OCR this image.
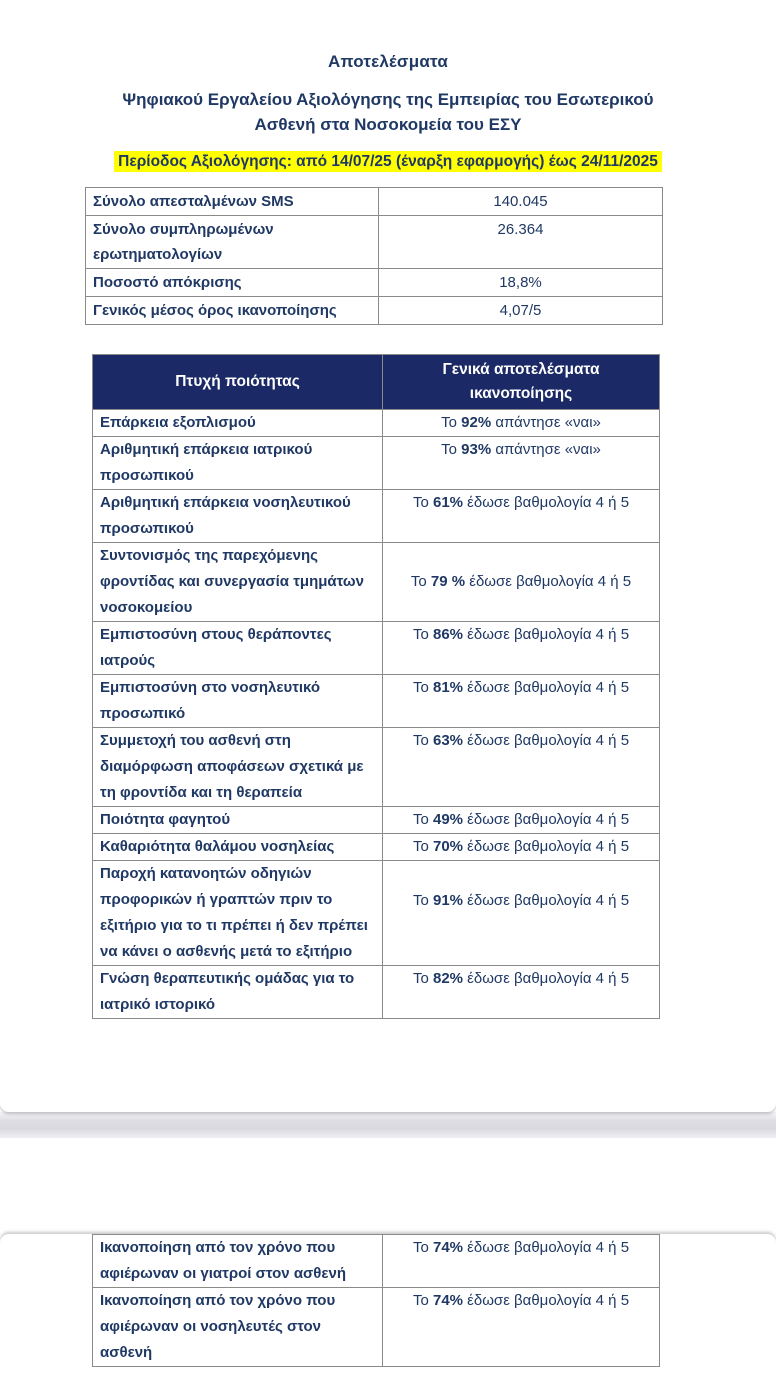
Αποτελέσματα
Ψηφιακού Εργαλείου Αξιολόγησης της Εμπειρίας του Εσωτερικού Ασθενή στα Νοσοκομεία του ΕΣΥ

Περίοδος Αξιολόγησης: από 14/07/25 (έναρξη εφαρμογής) έως 24/11/2025

Σύνολο απεσταλμένων SMS	140.045
Σύνολο συμπληρωμένων ερωτηματολογίων	26.364
Ποσοστό απόκρισης	18,8%
Γενικός μέσος όρος ικανοποίησης	4,07/5
Πτυχή ποιότητας	Γενικά αποτελέσματα ικανοποίησης
Επάρκεια εξοπλισμού	Το 92% απάντησε «ναι»
Αριθμητική επάρκεια ιατρικού προσωπικού	Το 93% απάντησε «ναι»
Αριθμητική επάρκεια νοσηλευτικού προσωπικού	Το 61% έδωσε βαθμολογία 4 ή 5
Συντονισμός της παρεχόμενης φροντίδας και συνεργασία τμημάτων νοσοκομείου	Το 79 % έδωσε βαθμολογία 4 ή 5
Εμπιστοσύνη στους θεράποντες ιατρούς	Το 86% έδωσε βαθμολογία 4 ή 5
Εμπιστοσύνη στο νοσηλευτικό προσωπικό	Το 81% έδωσε βαθμολογία 4 ή 5
Συμμετοχή του ασθενή στη διαμόρφωση αποφάσεων σχετικά με τη φροντίδα και τη θεραπεία	Το 63% έδωσε βαθμολογία 4 ή 5
Ποιότητα φαγητού	Το 49% έδωσε βαθμολογία 4 ή 5
Καθαριότητα θαλάμου νοσηλείας	Το 70% έδωσε βαθμολογία 4 ή 5
Παροχή κατανοητών οδηγιών προφορικών ή γραπτών πριν το εξιτήριο για το τι πρέπει ή δεν πρέπει να κάνει ο ασθενής μετά το εξιτήριο	Το 91% έδωσε βαθμολογία 4 ή 5
Γνώση θεραπευτικής ομάδας για το ιατρικό ιστορικό	Το 82% έδωσε βαθμολογία 4 ή 5
Ικανοποίηση από τον χρόνο που αφιέρωναν οι γιατροί στον ασθενή	Το 74% έδωσε βαθμολογία 4 ή 5
Ικανοποίηση από τον χρόνο που αφιέρωναν οι νοσηλευτές στον ασθενή	Το 74% έδωσε βαθμολογία 4 ή 5
